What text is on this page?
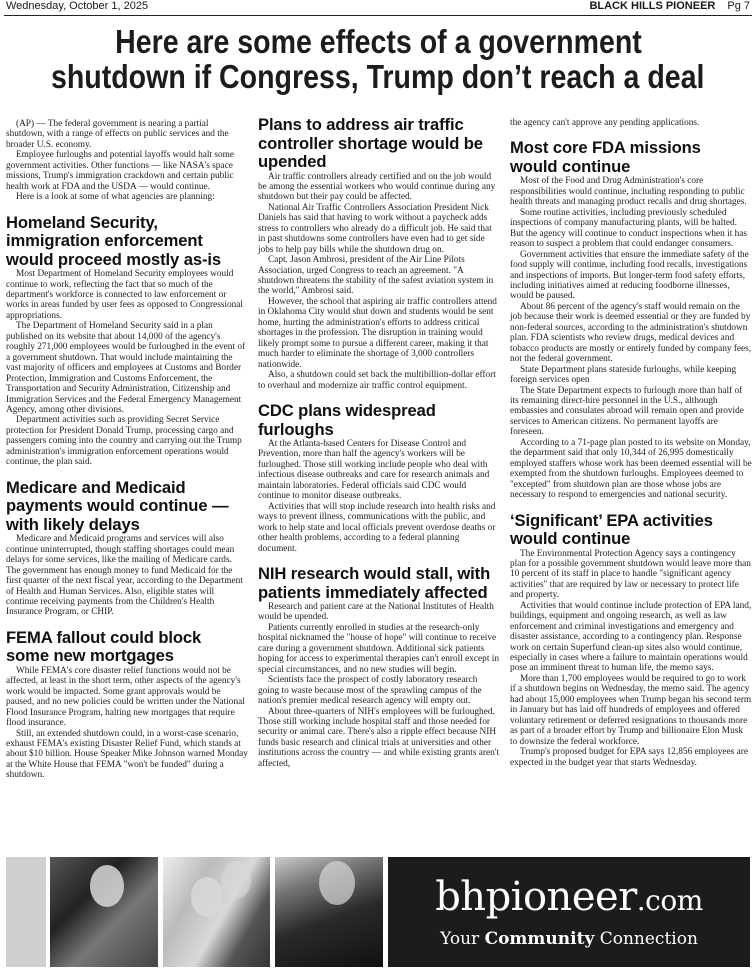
Wednesday, October 1, 2025	BLACK HILLS PIONEER Pg 7
Here are some effects of a government
shutdown if Congress, Trump don’t reach a deal

(AP) — The federal government is nearing a partial shutdown, with a range of effects on public services and the broader U.S. economy.

Employee furloughs and potential layoffs would halt some government activities. Other functions — like NASA's space missions, Trump's immigration crackdown and certain public health work at FDA and the USDA — would continue.

Here is a look at some of what agencies are planning:

Homeland Security, immigration enforcement would proceed mostly as-is

Most Department of Homeland Security employees would continue to work, reflecting the fact that so much of the department's workforce is connected to law enforcement or works in areas funded by user fees as opposed to Congressional appropriations.

The Department of Homeland Security said in a plan published on its website that about 14,000 of the agency's roughly 271,000 employees would be furloughed in the event of a government shutdown. That would include maintaining the vast majority of officers and employees at Customs and Border Protection, Immigration and Customs Enforcement, the Transportation and Security Administration, Citizenship and Immigration Services and the Federal Emergency Management Agency, among other divisions.

Department activities such as providing Secret Service protection for President Donald Trump, processing cargo and passengers coming into the country and carrying out the Trump administration's immigration enforcement operations would continue, the plan said.

Medicare and Medicaid payments would continue — with likely delays

Medicare and Medicaid programs and services will also continue uninterrupted, though staffing shortages could mean delays for some services, like the mailing of Medicare cards. The government has enough money to fund Medicaid for the first quarter of the next fiscal year, according to the Department of Health and Human Services. Also, eligible states will continue receiving payments from the Children's Health Insurance Program, or CHIP.

FEMA fallout could block some new mortgages

While FEMA's core disaster relief functions would not be affected, at least in the short term, other aspects of the agency's work would be impacted. Some grant approvals would be paused, and no new policies could be written under the National Flood Insurance Program, halting new mortgages that require flood insurance.

Still, an extended shutdown could, in a worst-case scenario, exhaust FEMA's existing Disaster Relief Fund, which stands at about $10 billion. House Speaker Mike Johnson warned Monday at the White House that FEMA "won't be funded" during a shutdown.

Plans to address air traffic controller shortage would be upended

Air traffic controllers already certified and on the job would be among the essential workers who would continue during any shutdown but their pay could be affected.

National Air Traffic Controllers Association President Nick Daniels has said that having to work without a paycheck adds stress to controllers who already do a difficult job. He said that in past shutdowns some controllers have even had to get side jobs to help pay bills while the shutdown drug on.

Capt. Jason Ambrosi, president of the Air Line Pilots Association, urged Congress to reach an agreement. "A shutdown threatens the stability of the safest aviation system in the world," Ambrosi said.

However, the school that aspiring air traffic controllers attend in Oklahoma City would shut down and students would be sent home, hurting the administration's efforts to address critical shortages in the profession. The disruption in training would likely prompt some to pursue a different career, making it that much harder to eliminate the shortage of 3,000 controllers nationwide.

Also, a shutdown could set back the multibillion-dollar effort to overhaul and modernize air traffic control equipment.

CDC plans widespread furloughs

At the Atlanta-based Centers for Disease Control and Prevention, more than half the agency's workers will be furloughed. Those still working include people who deal with infectious disease outbreaks and care for research animals and maintain laboratories. Federal officials said CDC would continue to monitor disease outbreaks.

Activities that will stop include research into health risks and ways to prevent illness, communications with the public, and work to help state and local officials prevent overdose deaths or other health problems, according to a federal planning document.

NIH research would stall, with patients immediately affected

Research and patient care at the National Institutes of Health would be upended.

Patients currently enrolled in studies at the research-only hospital nicknamed the "house of hope" will continue to receive care during a government shutdown. Additional sick patients hoping for access to experimental therapies can't enroll except in special circumstances, and no new studies will begin.

Scientists face the prospect of costly laboratory research going to waste because most of the sprawling campus of the nation's premier medical research agency will empty out.

About three-quarters of NIH's employees will be furloughed. Those still working include hospital staff and those needed for security or animal care. There's also a ripple effect because NIH funds basic research and clinical trials at universities and other institutions across the country — and while existing grants aren't affected,

the agency can't approve any pending applications.

Most core FDA missions would continue

Most of the Food and Drug Administration's core responsibilities would continue, including responding to public health threats and managing product recalls and drug shortages.

Some routine activities, including previously scheduled inspections of company manufacturing plants, will be halted. But the agency will continue to conduct inspections when it has reason to suspect a problem that could endanger consumers.

Government activities that ensure the immediate safety of the food supply will continue, including food recalls, investigations and inspections of imports. But longer-term food safety efforts, including initiatives aimed at reducing foodborne illnesses, would be paused.

About 86 percent of the agency's staff would remain on the job because their work is deemed essential or they are funded by non-federal sources, according to the administration's shutdown plan. FDA scientists who review drugs, medical devices and tobacco products are mostly or entirely funded by company fees, not the federal government.

State Department plans stateside furloughs, while keeping foreign services open

The State Department expects to furlough more than half of its remaining direct-hire personnel in the U.S., although embassies and consulates abroad will remain open and provide services to American citizens. No permanent layoffs are foreseen.

According to a 71-page plan posted to its website on Monday, the department said that only 10,344 of 26,995 domestically employed staffers whose work has been deemed essential will be exempted from the shutdown furloughs. Employees deemed to "excepted" from shutdown plan are those whose jobs are necessary to respond to emergencies and national security.

‘Significant’ EPA activities would continue

The Environmental Protection Agency says a contingency plan for a possible government shutdown would leave more than 10 percent of its staff in place to handle "significant agency activities" that are required by law or necessary to protect life and property.

Activities that would continue include protection of EPA land, buildings, equipment and ongoing research, as well as law enforcement and criminal investigations and emergency and disaster assistance, according to a contingency plan. Response work on certain Superfund clean-up sites also would continue, especially in cases where a failure to maintain operations would pose an imminent threat to human life, the memo says.

More than 1,700 employees would be required to go to work if a shutdown begins on Wednesday, the memo said. The agency had about 15,000 employees when Trump began his second term in January but has laid off hundreds of employees and offered voluntary retirement or deferred resignations to thousands more as part of a broader effort by Trump and billionaire Elon Musk to downsize the federal workforce.

Trump's proposed budget for EPA says 12,856 employees are expected in the budget year that starts Wednesday.

bhpioneer.com
Your Community Connection
